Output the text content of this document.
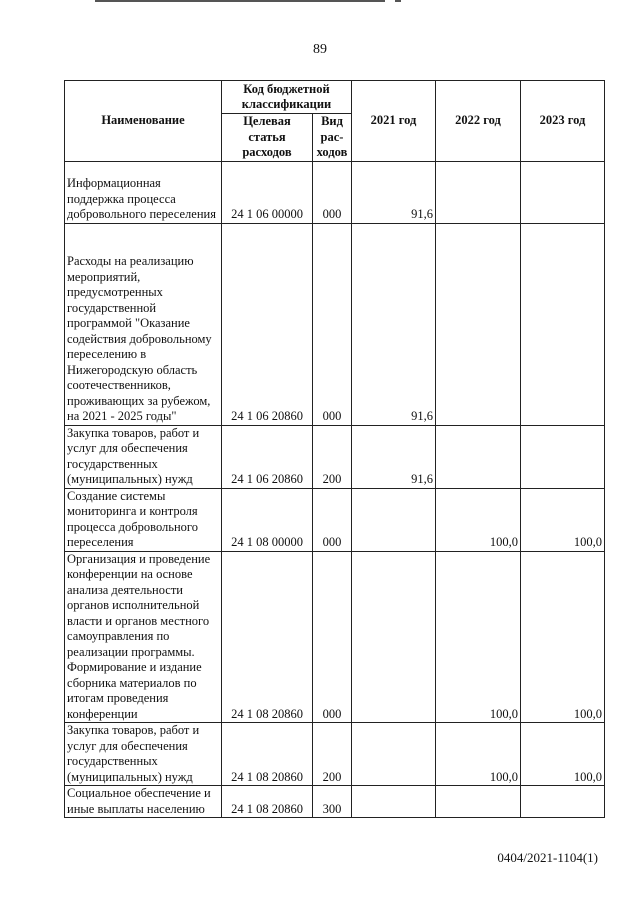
89
Наименование	Код бюджетной классификации		2021 год	2022 год	2023 год
	Целевая статья расходов	Вид рас-ходов			
Информационная поддержка процесса добровольного переселения	24 1 06 00000	000	91,6		
Расходы на реализацию мероприятий, предусмотренных государственной программой "Оказание содействия добровольному переселению в Нижегородскую область соотечественников, проживающих за рубежом, на 2021 - 2025 годы"	24 1 06 20860	000	91,6		
Закупка товаров, работ и услуг для обеспечения государственных (муниципальных) нужд	24 1 06 20860	200	91,6		
Создание системы мониторинга и контроля процесса добровольного переселения	24 1 08 00000	000		100,0	100,0
Организация и проведение конференции на основе анализа деятельности органов исполнительной власти и органов местного самоуправления по реализации программы. Формирование и издание сборника материалов по итогам проведения конференции	24 1 08 20860	000		100,0	100,0
Закупка товаров, работ и услуг для обеспечения государственных (муниципальных) нужд	24 1 08 20860	200		100,0	100,0
Социальное обеспечение и иные выплаты населению	24 1 08 20860	300			
0404/2021-1104(1)
